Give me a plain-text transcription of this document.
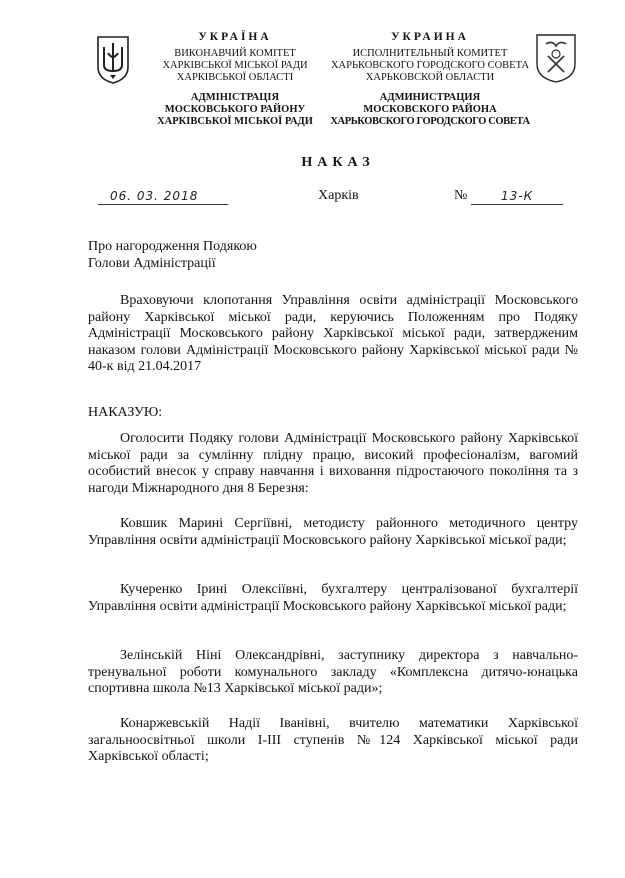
УКРАЇНА
ВИКОНАВЧИЙ КОМІТЕТ
ХАРКІВСЬКОЇ МІСЬКОЇ РАДИ
ХАРКІВСЬКОЇ ОБЛАСТІ
АДМІНІСТРАЦІЯ
МОСКОВСЬКОГО РАЙОНУ
ХАРКІВСЬКОЇ МІСЬКОЇ РАДИ
УКРАИНА
ИСПОЛНИТЕЛЬНЫЙ КОМИТЕТ
ХАРЬКОВСКОГО ГОРОДСКОГО СОВЕТА
ХАРЬКОВСКОЙ ОБЛАСТИ
АДМИНИСТРАЦИЯ
МОСКОВСКОГО РАЙОНА
ХАРЬКОВСКОГО ГОРОДСКОГО СОВЕТА
НАКАЗ
06. 03. 2018	Харків	№	13-К
Про нагородження Подякою
Голови Адміністрації
Враховуючи клопотання Управління освіти адміністрації Московського району Харківської міської ради, керуючись Положенням про Подяку Адміністрації Московського району Харківської міської ради, затвердженим наказом голови Адміністрації Московського району Харківської міської ради № 40-к від 21.04.2017
НАКАЗУЮ:
Оголосити Подяку голови Адміністрації Московського району Харківської міської ради за сумлінну плідну працю, високий професіоналізм, вагомий особистий внесок у справу навчання і виховання підростаючого покоління та з нагоди Міжнародного дня 8 Березня:
Ковшик Марині Сергіївні, методисту районного методичного центру Управління освіти адміністрації Московського району Харківської міської ради;
Кучеренко Ірині Олексіївні, бухгалтеру централізованої бухгалтерії Управління освіти адміністрації Московського району Харківської міської ради;
Зелінській Ніні Олександрівні, заступнику директора з навчально-тренувальної роботи комунального закладу «Комплексна дитячо-юнацька спортивна школа №13 Харківської міської ради»;
Конаржевській Надії Іванівні, вчителю математики Харківської загальноосвітньої школи І-ІІІ ступенів №124 Харківської міської ради Харківської області;
